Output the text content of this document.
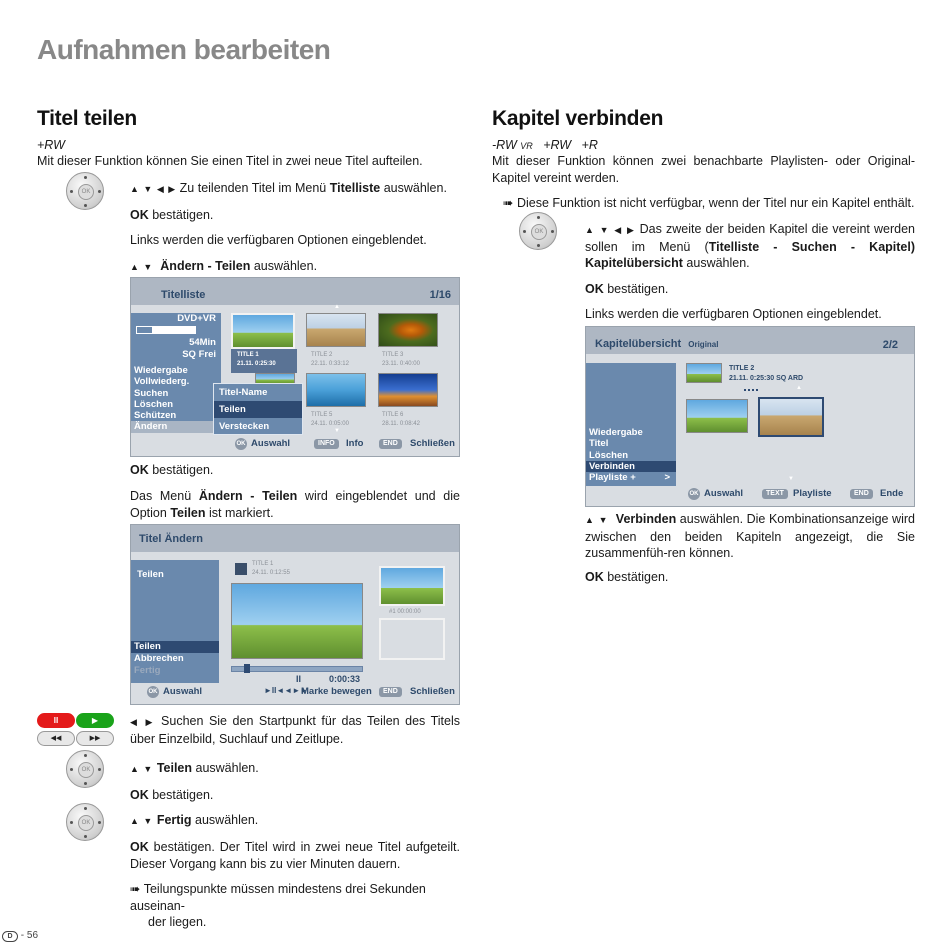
Aufnahmen bearbeiten
Titel teilen
+RW
Mit dieser Funktion können Sie einen Titel in zwei neue Titel aufteilen.
OK	▲ ▼ ◀ ▶ Zu teilenden Titel im Menü Titelliste auswählen.
OK bestätigen.
Links werden die verfügbaren Optionen eingeblendet.
▲ ▼ Ändern - Teilen auswählen.
Titelliste	1/16
DVD+VR
54Min
SQ Frei
Wiedergabe
Vollwiederg.
Suchen
Löschen
Schützen
Ändern
TITLE 1
21.11. 0:25:30
▲
TITLE 2
22.11. 0:33:12
TITLE 3
23.11. 0:40:00
TITLE 5
24.11. 0:05:00
TITLE 6
28.11. 0:08:42
▼
Titel-Name
Teilen
Verstecken
OK Auswahl	INFO	Info	END	Schließen
OK bestätigen.
Das Menü Ändern - Teilen wird eingeblendet und die Option Teilen ist markiert.
Titel Ändern
Teilen
Teilen
Abbrechen
Fertig
TITLE 1
24.11. 0:12:55
II	0:00:33
#1 00:00:00
OK Auswahl	►II◄◄►►
Marke bewegen	END	Schließen
II	▶
◀◀	▶▶
◀ ▶ Suchen Sie den Startpunkt für das Teilen des Titels über Einzelbild, Suchlauf und Zeitlupe.
OK	▲ ▼ Teilen auswählen.
OK bestätigen.
OK	▲ ▼ Fertig auswählen.
OK bestätigen. Der Titel wird in zwei neue Titel aufgeteilt. Dieser Vorgang kann bis zu vier Minuten dauern.
➠ Teilungspunkte müssen mindestens drei Sekunden auseinan-
der liegen.
Kapitel verbinden
-RW VR +RW +R
Mit dieser Funktion können zwei benachbarte Playlisten- oder Original-Kapitel vereint werden.
➠ Diese Funktion ist nicht verfügbar, wenn der Titel nur ein Kapitel enthält.
OK	▲ ▼ ◀ ▶ Das zweite der beiden Kapitel die vereint werden sollen im Menü (Titelliste - Suchen - Kapitel) Kapitelübersicht auswählen.
OK bestätigen.
Links werden die verfügbaren Optionen eingeblendet.
Kapitelübersicht Original	2/2
TITLE 2
21.11. 0:25:30 SQ ARD
▲
Wiedergabe
Titel
Löschen
Verbinden
Playliste +	>	▼
OK Auswahl	TEXT Playliste	END	Ende
▲ ▼ Verbinden auswählen. Die Kombinationsanzeige wird zwischen den beiden Kapiteln angezeigt, die Sie zusammenfüh-ren können.
OK bestätigen.
D - 56
